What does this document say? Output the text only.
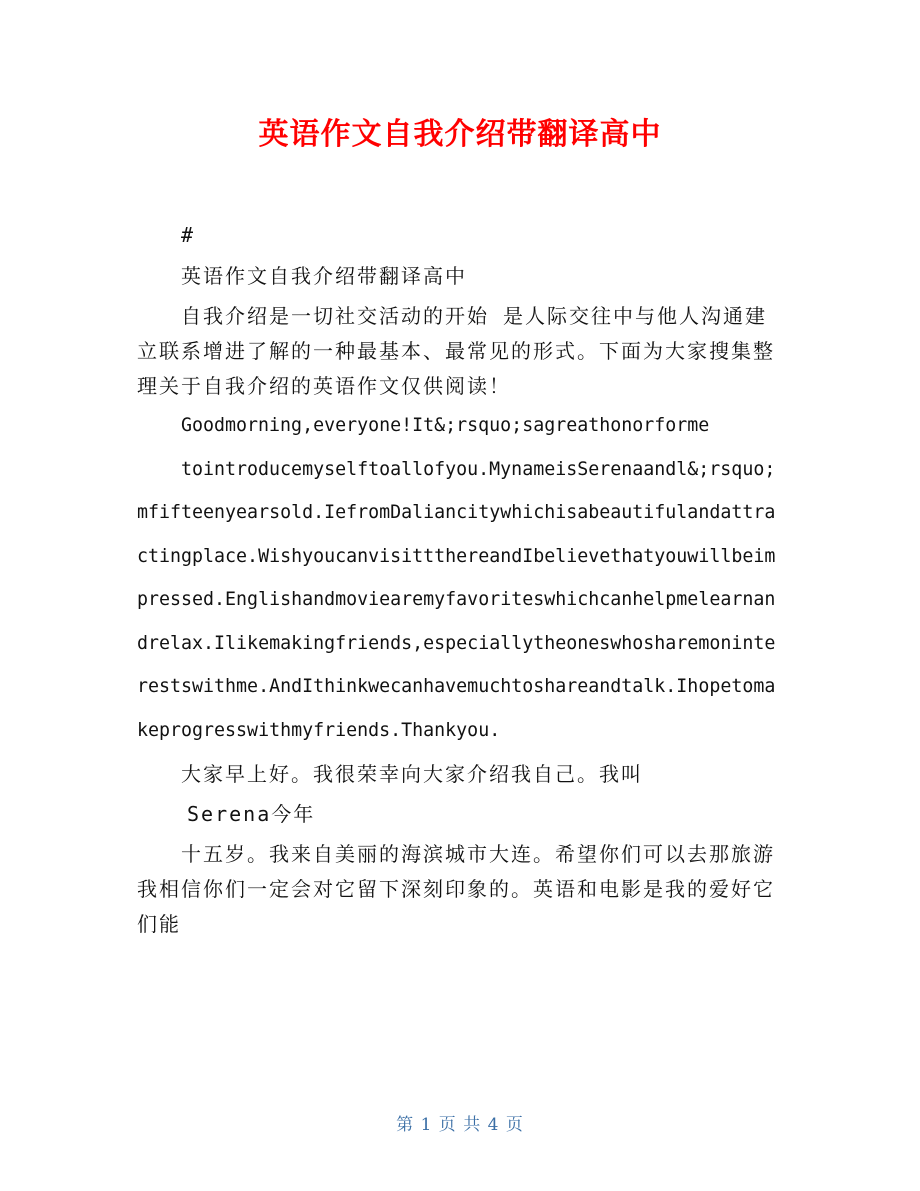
英语作文自我介绍带翻译高中

#

英语作文自我介绍带翻译高中

自我介绍是一切社交活动的开始 是人际交往中与他人沟通建立联系增进了解的一种最基本、最常见的形式。下面为大家搜集整理关于自我介绍的英语作文仅供阅读！

Goodmorning,everyone!It&;rsquo;sagreathonorforme

tointroducemyselftoallofyou.MynameisSerenaandl&;rsquo;mfifteenyearsold.IefromDaliancitywhichisabeautifulandattractingplace.WishyoucanvisittthereandIbelievethatyouwillbeimpressed.Englishandmoviearemyfavoriteswhichcanhelpmelearnandrelax.Ilikemakingfriends,especiallytheoneswhosharemoninterestswithme.AndIthinkwecanhavemuchtoshareandtalk.Ihopetomakeprogresswithmyfriends.Thankyou.

大家早上好。我很荣幸向大家介绍我自己。我叫

Serena今年

十五岁。我来自美丽的海滨城市大连。希望你们可以去那旅游我相信你们一定会对它留下深刻印象的。英语和电影是我的爱好它们能

第 1 页 共 4 页
